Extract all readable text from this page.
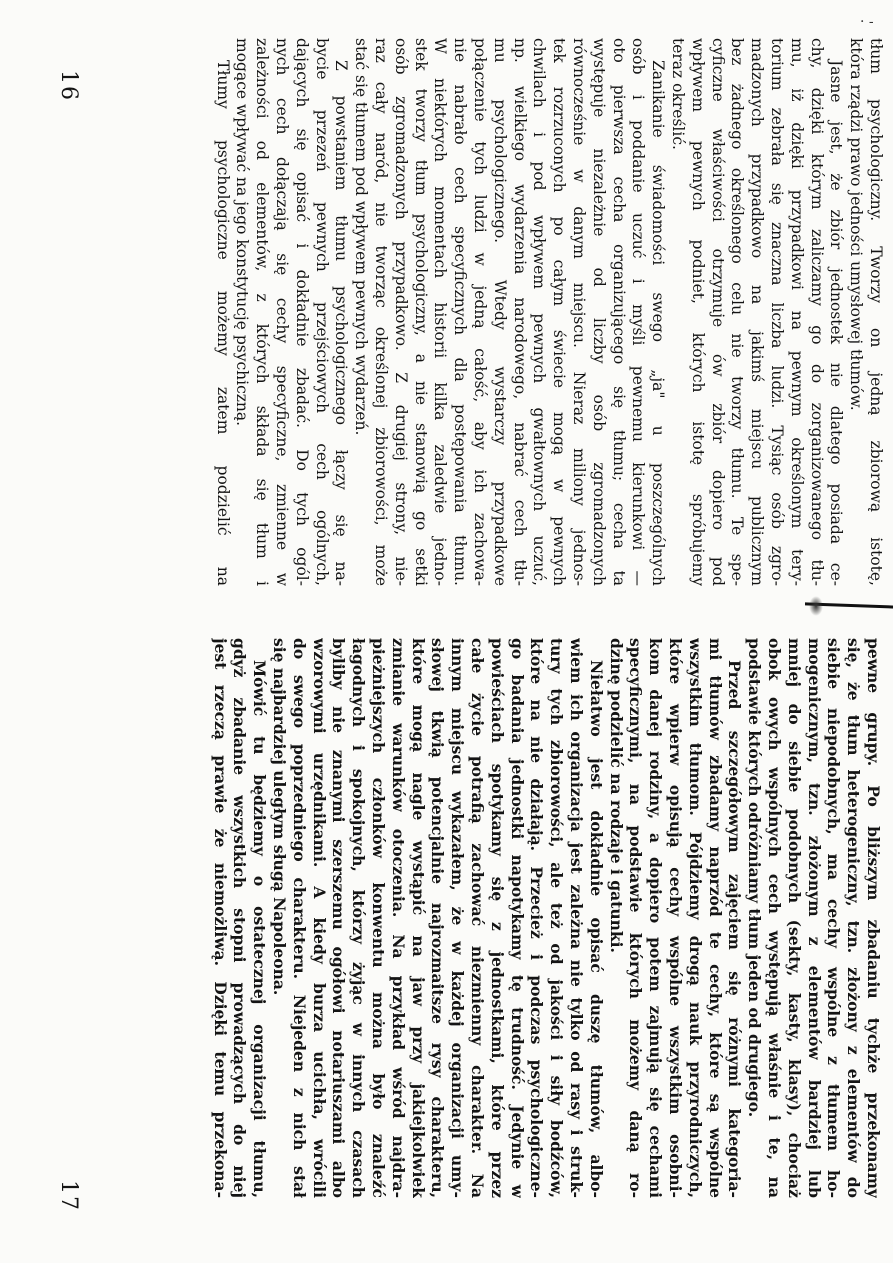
tłum psychologiczny. Tworzy on jedną zbiorową istotę,
która rządzi prawo jedności umysłowej tłumów.
Jasne jest, że zbiór jednostek nie dlatego posiada ce-
chy, dzięki którym zaliczamy go do zorganizowanego tłu-
mu, iż dzięki przypadkowi na pewnym określonym tery-
torium zebrała się znaczna liczba ludzi. Tysiąc osób zgro-
madzonych przypadkowo na jakimś miejscu publicznym
bez żadnego określonego celu nie tworzy tłumu. Te spe-
cyficzne właściwości otrzymuje ów zbiór dopiero pod
wpływem pewnych podniet, których istotę spróbujemy
teraz określić.
Zanikanie świadomości swego „ja" u poszczególnych
osób i poddanie uczuć i myśli pewnemu kierunkowi —
oto pierwsza cecha organizującego się tłumu; cecha ta
występuje niezależnie od liczby osób zgromadzonych
równocześnie w danym miejscu. Nieraz miliony jednos-
tek rozrzuconych po całym świecie mogą w pewnych
chwilach i pod wpływem pewnych gwałtownych uczuć,
np. wielkiego wydarzenia narodowego, nabrać cech tłu-
mu psychologicznego. Wtedy wystarczy przypadkowe
połączenie tych ludzi w jedną całość, aby ich zachowa-
nie nabrało cech specyficznych dla postępowania tłumu.
W niektórych momentach historii kilka zaledwie jedno-
stek tworzy tłum psychologiczny, a nie stanowią go setki
osób zgromadzonych przypadkowo. Z drugiej strony, nie-
raz cały naród, nie tworząc określonej zbiorowości, może
stać się tłumem pod wpływem pewnych wydarzeń.
Z powstaniem tłumu psychologicznego łączy się na-
bycie przezeń pewnych przejściowych cech ogólnych,
dających się opisać i dokładnie zbadać. Do tych ogól-
nych cech dołączają się cechy specyficzne, zmienne w
zależności od elementów, z których składa się tłum i
mogące wpływać na jego konstytucję psychiczną.
Tłumy psychologiczne możemy zatem podzielić na
16
pewne grupy. Po bliższym zbadaniu tychże przekonamy
się, że tłum heterogeniczny, tzn. złożony z elementów do
siebie niepodobnych, ma cechy wspólne z tłumem ho-
mogenicznym, tzn. złożonym z elementów bardziej lub
mniej do siebie podobnych (sekty, kasty, klasy), chociaż
obok owych wspólnych cech występują właśnie i te, na
podstawie których odróżniamy tłum jeden od drugiego.
Przed szczegółowym zajęciem się różnymi kategoria-
mi tłumów zbadamy naprzód te cechy, które są wspólne
wszystkim tłumom. Pójdziemy drogą nauk przyrodniczych,
które wpierw opisują cechy wspólne wszystkim osobni-
kom danej rodziny, a dopiero potem zajmują się cechami
specyficznymi, na podstawie których możemy daną ro-
dzinę podzielić na rodzaje i gatunki.
Niełatwo jest dokładnie opisać duszę tłumów, albo-
wiem ich organizacja jest zależna nie tylko od rasy i struk-
tury tych zbiorowości, ale też od jakości i siły bodźców,
które na nie działają. Przecież i podczas psychologiczne-
go badania jednostki napotykamy tę trudność. Jedynie w
powieściach spotykamy się z jednostkami, które przez
całe życie potrafią zachować niezmienny charakter. Na
innym miejscu wykazałem, że w każdej organizacji umy-
słowej tkwią potencjalnie najrozmaitsze rysy charakteru,
które mogą nagle wystąpić na jaw przy jakiejkolwiek
zmianie warunków otoczenia. Na przykład wśród najdra-
pieżniejszych członków konwentu można było znaleźć
łagodnych i spokojnych, którzy żyjąc w innych czasach
byliby nie znanymi szerszemu ogółowi notariuszami albo
wzorowymi urzędnikami. A kiedy burza ucichła, wrócili
do swego poprzedniego charakteru. Niejeden z nich stał
się najbardziej uległym sługą Napoleona.
Mówić tu będziemy o ostatecznej organizacji tłumu,
gdyż zbadanie wszystkich stopni prowadzących do niej
jest rzeczą prawie że niemożliwą. Dzięki temu przekona-
17
· -
